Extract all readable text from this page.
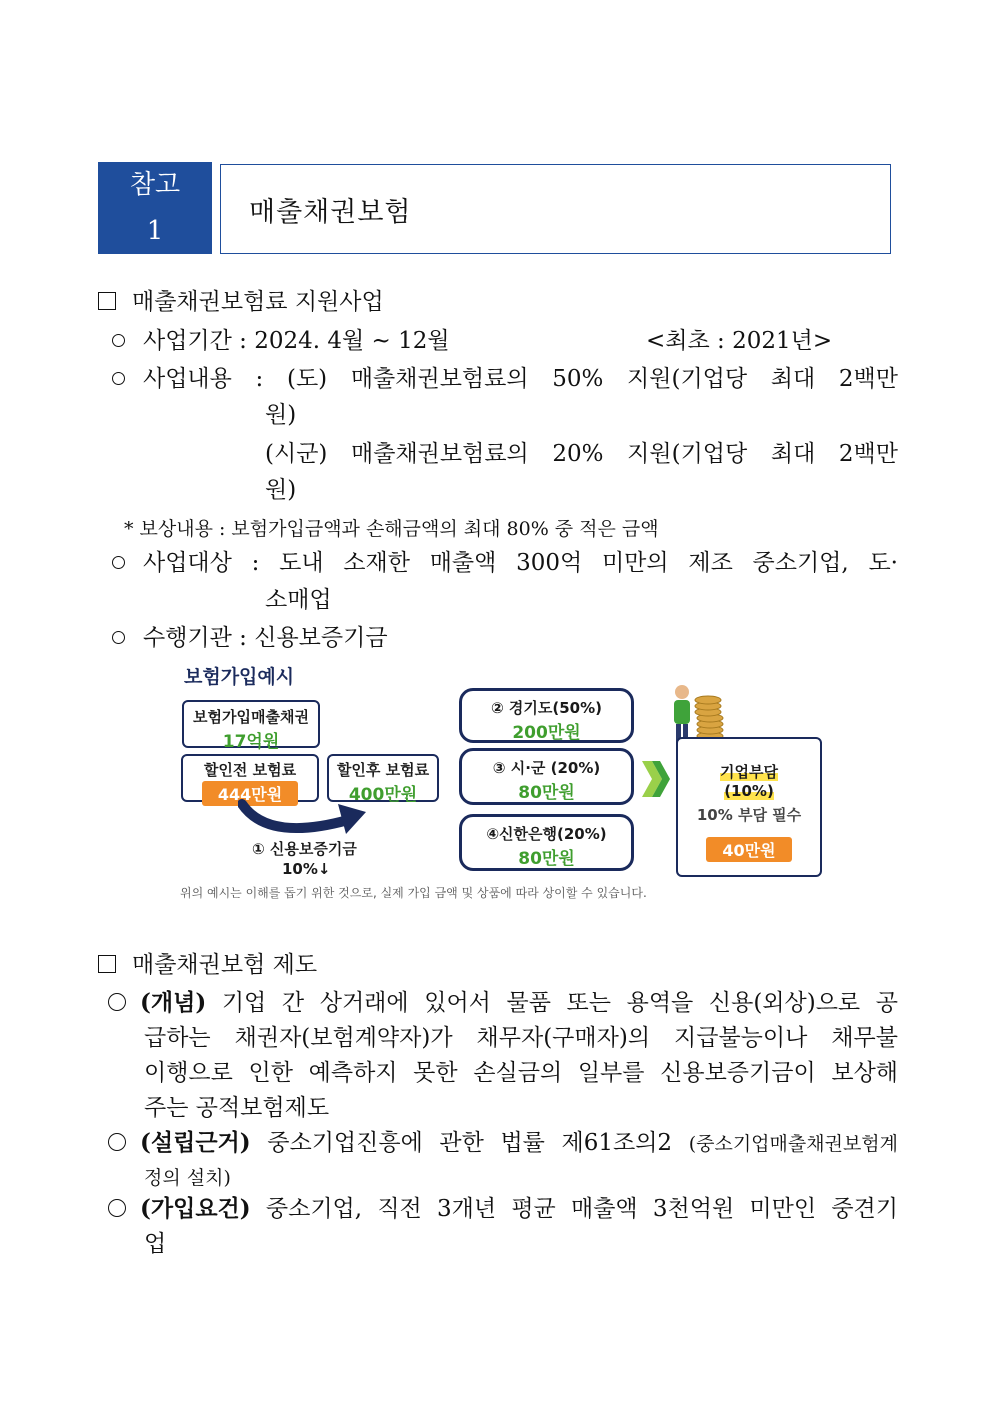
참고
1
매출채권보험
매출채권보험료 지원사업
사업기간 : 2024. 4월 ~ 12월	<최초 : 2021년>
사업내용 : (도) 매출채권보험료의 50% 지원(기업당 최대 2백만
원)
(시군) 매출채권보험료의 20% 지원(기업당 최대 2백만
원)
* 보상내용 : 보험가입금액과 손해금액의 최대 80% 중 적은 금액
사업대상 : 도내 소재한 매출액 300억 미만의 제조 중소기업, 도·
소매업
수행기관 : 신용보증기금
보험가입예시
보험가입매출채권
17억원
할인전 보험료
444만원
할인후 보험료
400만원
① 신용보증기금
10%↓
② 경기도(50%)
200만원
③ 시·군 (20%)
80만원
④신한은행(20%)
80만원
기업부담
(10%)
10% 부담 필수
40만원
위의 예시는 이해를 돕기 위한 것으로, 실제 가입 금액 및 상품에 따라 상이할 수 있습니다.
매출채권보험 제도
(개념) 기업 간 상거래에 있어서 물품 또는 용역을 신용(외상)으로 공
급하는 채권자(보험계약자)가 채무자(구매자)의 지급불능이나 채무불
이행으로 인한 예측하지 못한 손실금의 일부를 신용보증기금이 보상해
주는 공적보험제도
(설립근거) 중소기업진흥에 관한 법률 제61조의2 (중소기업매출채권보험계
정의 설치)
(가입요건) 중소기업, 직전 3개년 평균 매출액 3천억원 미만인 중견기
업
